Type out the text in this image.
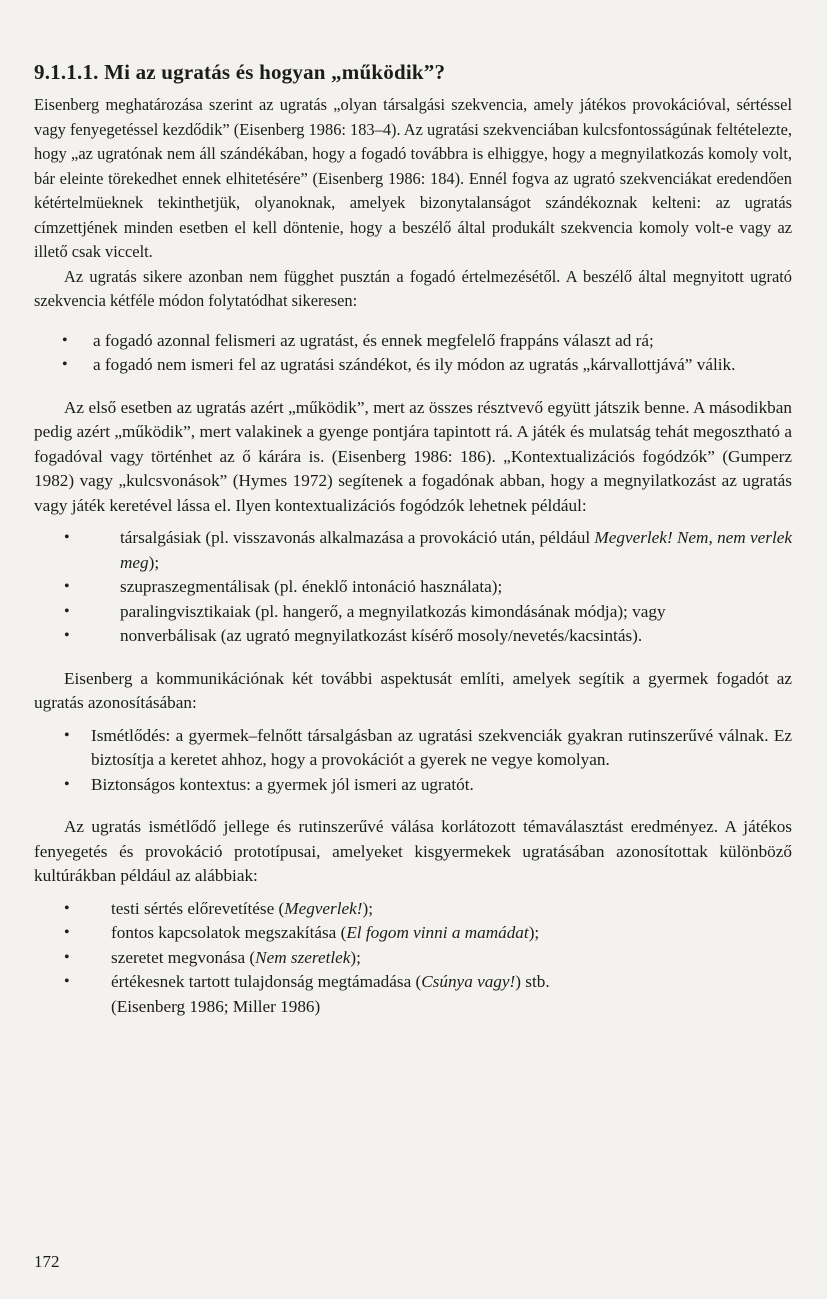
9.1.1.1. Mi az ugratás és hogyan „működik”?

Eisenberg meghatározása szerint az ugratás „olyan társalgási szekvencia, amely játékos provokációval, sértéssel vagy fenyegetéssel kezdődik” (Eisenberg 1986: 183–4). Az ugratási szekvenciában kulcsfontosságúnak feltételezte, hogy „az ugratónak nem áll szándékában, hogy a fogadó továbbra is elhiggye, hogy a megnyilatkozás komoly volt, bár eleinte törekedhet ennek elhitetésére” (Eisenberg 1986: 184). Ennél fogva az ugrató szekvenciákat eredendően kétértelmüeknek tekinthetjük, olyanoknak, amelyek bizonytalanságot szándékoznak kelteni: az ugratás címzettjének minden esetben el kell döntenie, hogy a beszélő által produkált szekvencia komoly volt-e vagy az illető csak viccelt.

Az ugratás sikere azonban nem függhet pusztán a fogadó értelmezésétől. A beszélő által megnyitott ugrató szekvencia kétféle módon folytatódhat sikeresen:

• a fogadó azonnal felismeri az ugratást, és ennek megfelelő frappáns választ ad rá;
• a fogadó nem ismeri fel az ugratási szándékot, és ily módon az ugratás „kárvallottjává” válik.

Az első esetben az ugratás azért „működik”, mert az összes résztvevő együtt játszik benne. A másodikban pedig azért „működik”, mert valakinek a gyenge pontjára tapintott rá. A játék és mulatság tehát megosztható a fogadóval vagy történhet az ő kárára is. (Eisenberg 1986: 186). „Kontextualizációs fogódzók” (Gumperz 1982) vagy „kulcsvonások” (Hymes 1972) segítenek a fogadónak abban, hogy a megnyilatkozást az ugratás vagy játék keretével lássa el. Ilyen kontextualizációs fogódzók lehetnek például:

• társalgásiak (pl. visszavonás alkalmazása a provokáció után, például Megverlek! Nem, nem verlek meg);
• szupraszegmentálisak (pl. éneklő intonáció használata);
• paralingvisztikaiak (pl. hangerő, a megnyilatkozás kimondásának módja); vagy
• nonverbálisak (az ugrató megnyilatkozást kísérő mosoly/nevetés/kacsintás).

Eisenberg a kommunikációnak két további aspektusát említi, amelyek segítik a gyermek fogadót az ugratás azonosításában:

• Ismétlődés: a gyermek–felnőtt társalgásban az ugratási szekvenciák gyakran rutinszerűvé válnak. Ez biztosítja a keretet ahhoz, hogy a provokációt a gyerek ne vegye komolyan.
• Biztonságos kontextus: a gyermek jól ismeri az ugratót.

Az ugratás ismétlődő jellege és rutinszerűvé válása korlátozott témaválasztást eredményez. A játékos fenyegetés és provokáció prototípusai, amelyeket kisgyermekek ugratásában azonosítottak különböző kultúrákban például az alábbiak:

• testi sértés előrevetítése (Megverlek!);
• fontos kapcsolatok megszakítása (El fogom vinni a mamádat);
• szeretet megvonása (Nem szeretlek);
• értékesnek tartott tulajdonság megtámadása (Csúnya vagy!) stb.
(Eisenberg 1986; Miller 1986)
172
